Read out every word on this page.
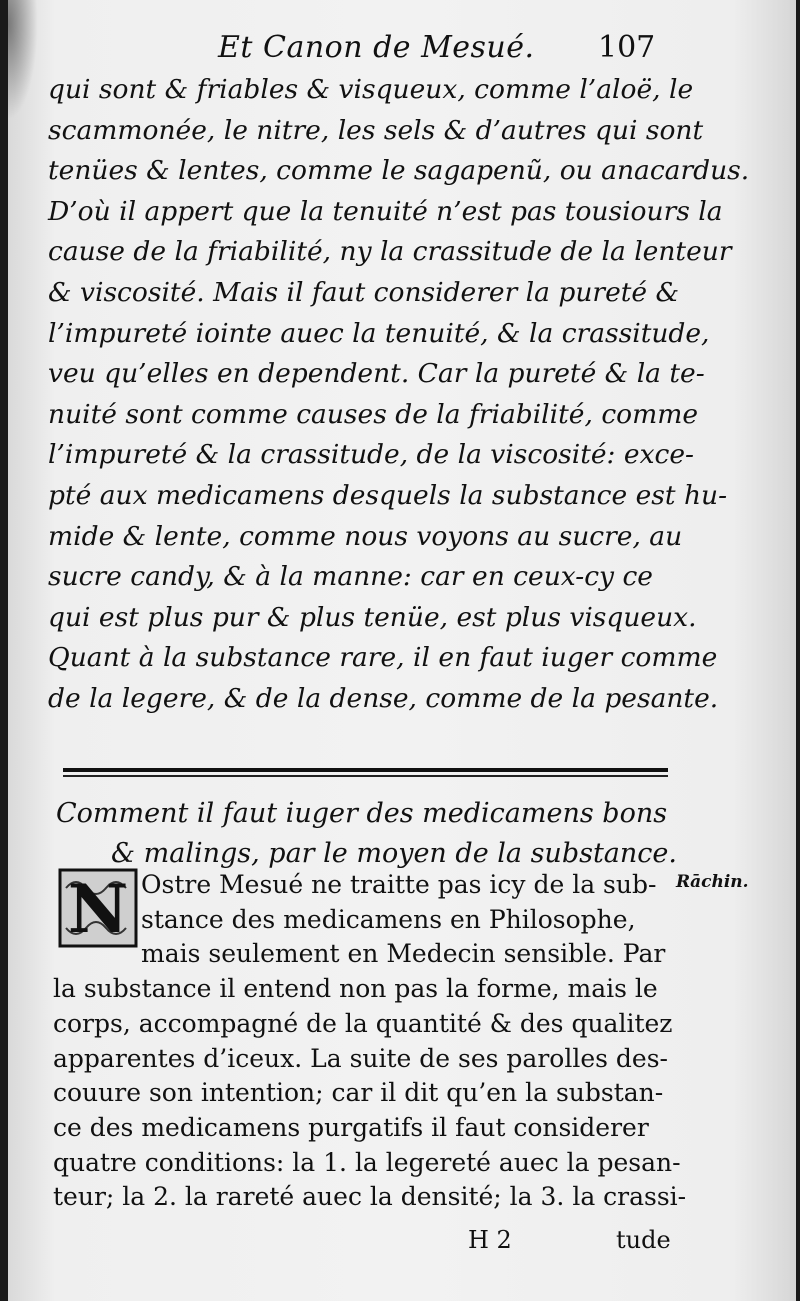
Et Canon de Mesué. 107
qui sont & friables & visqueux, comme l’aloë, le
scammonée, le nitre, les sels & d’autres qui sont
tenües & lentes, comme le sagapenũ, ou anacardus.
D’où il appert que la tenuité n’est pas tousiours la
cause de la friabilité, ny la crassitude de la lenteur
& viscosité. Mais il faut considerer la pureté &
l’impureté iointe auec la tenuité, & la crassitude,
veu qu’elles en dependent. Car la pureté & la te-
nuité sont comme causes de la friabilité, comme
l’impureté & la crassitude, de la viscosité: exce-
pté aux medicamens desquels la substance est hu-
mide & lente, comme nous voyons au sucre, au
sucre candy, & à la manne: car en ceux-cy ce
qui est plus pur & plus tenüe, est plus visqueux.
Quant à la substance rare, il en faut iuger comme
de la legere, & de la dense, comme de la pesante.
Comment il faut iuger des medicamens bons
& malings, par le moyen de la substance.
N Ostre Mesué ne traitte pas icy de la sub-
stance des medicamens en Philosophe,
mais seulement en Medecin sensible. Par
la substance il entend non pas la forme, mais le
corps, accompagné de la quantité & des qualitez
apparentes d’iceux. La suite de ses parolles des-
couure son intention; car il dit qu’en la substan-
ce des medicamens purgatifs il faut considerer
quatre conditions: la 1. la legereté auec la pesan-
teur; la 2. la rareté auec la densité; la 3. la crassi-
Rāchin.
H 2	tude
